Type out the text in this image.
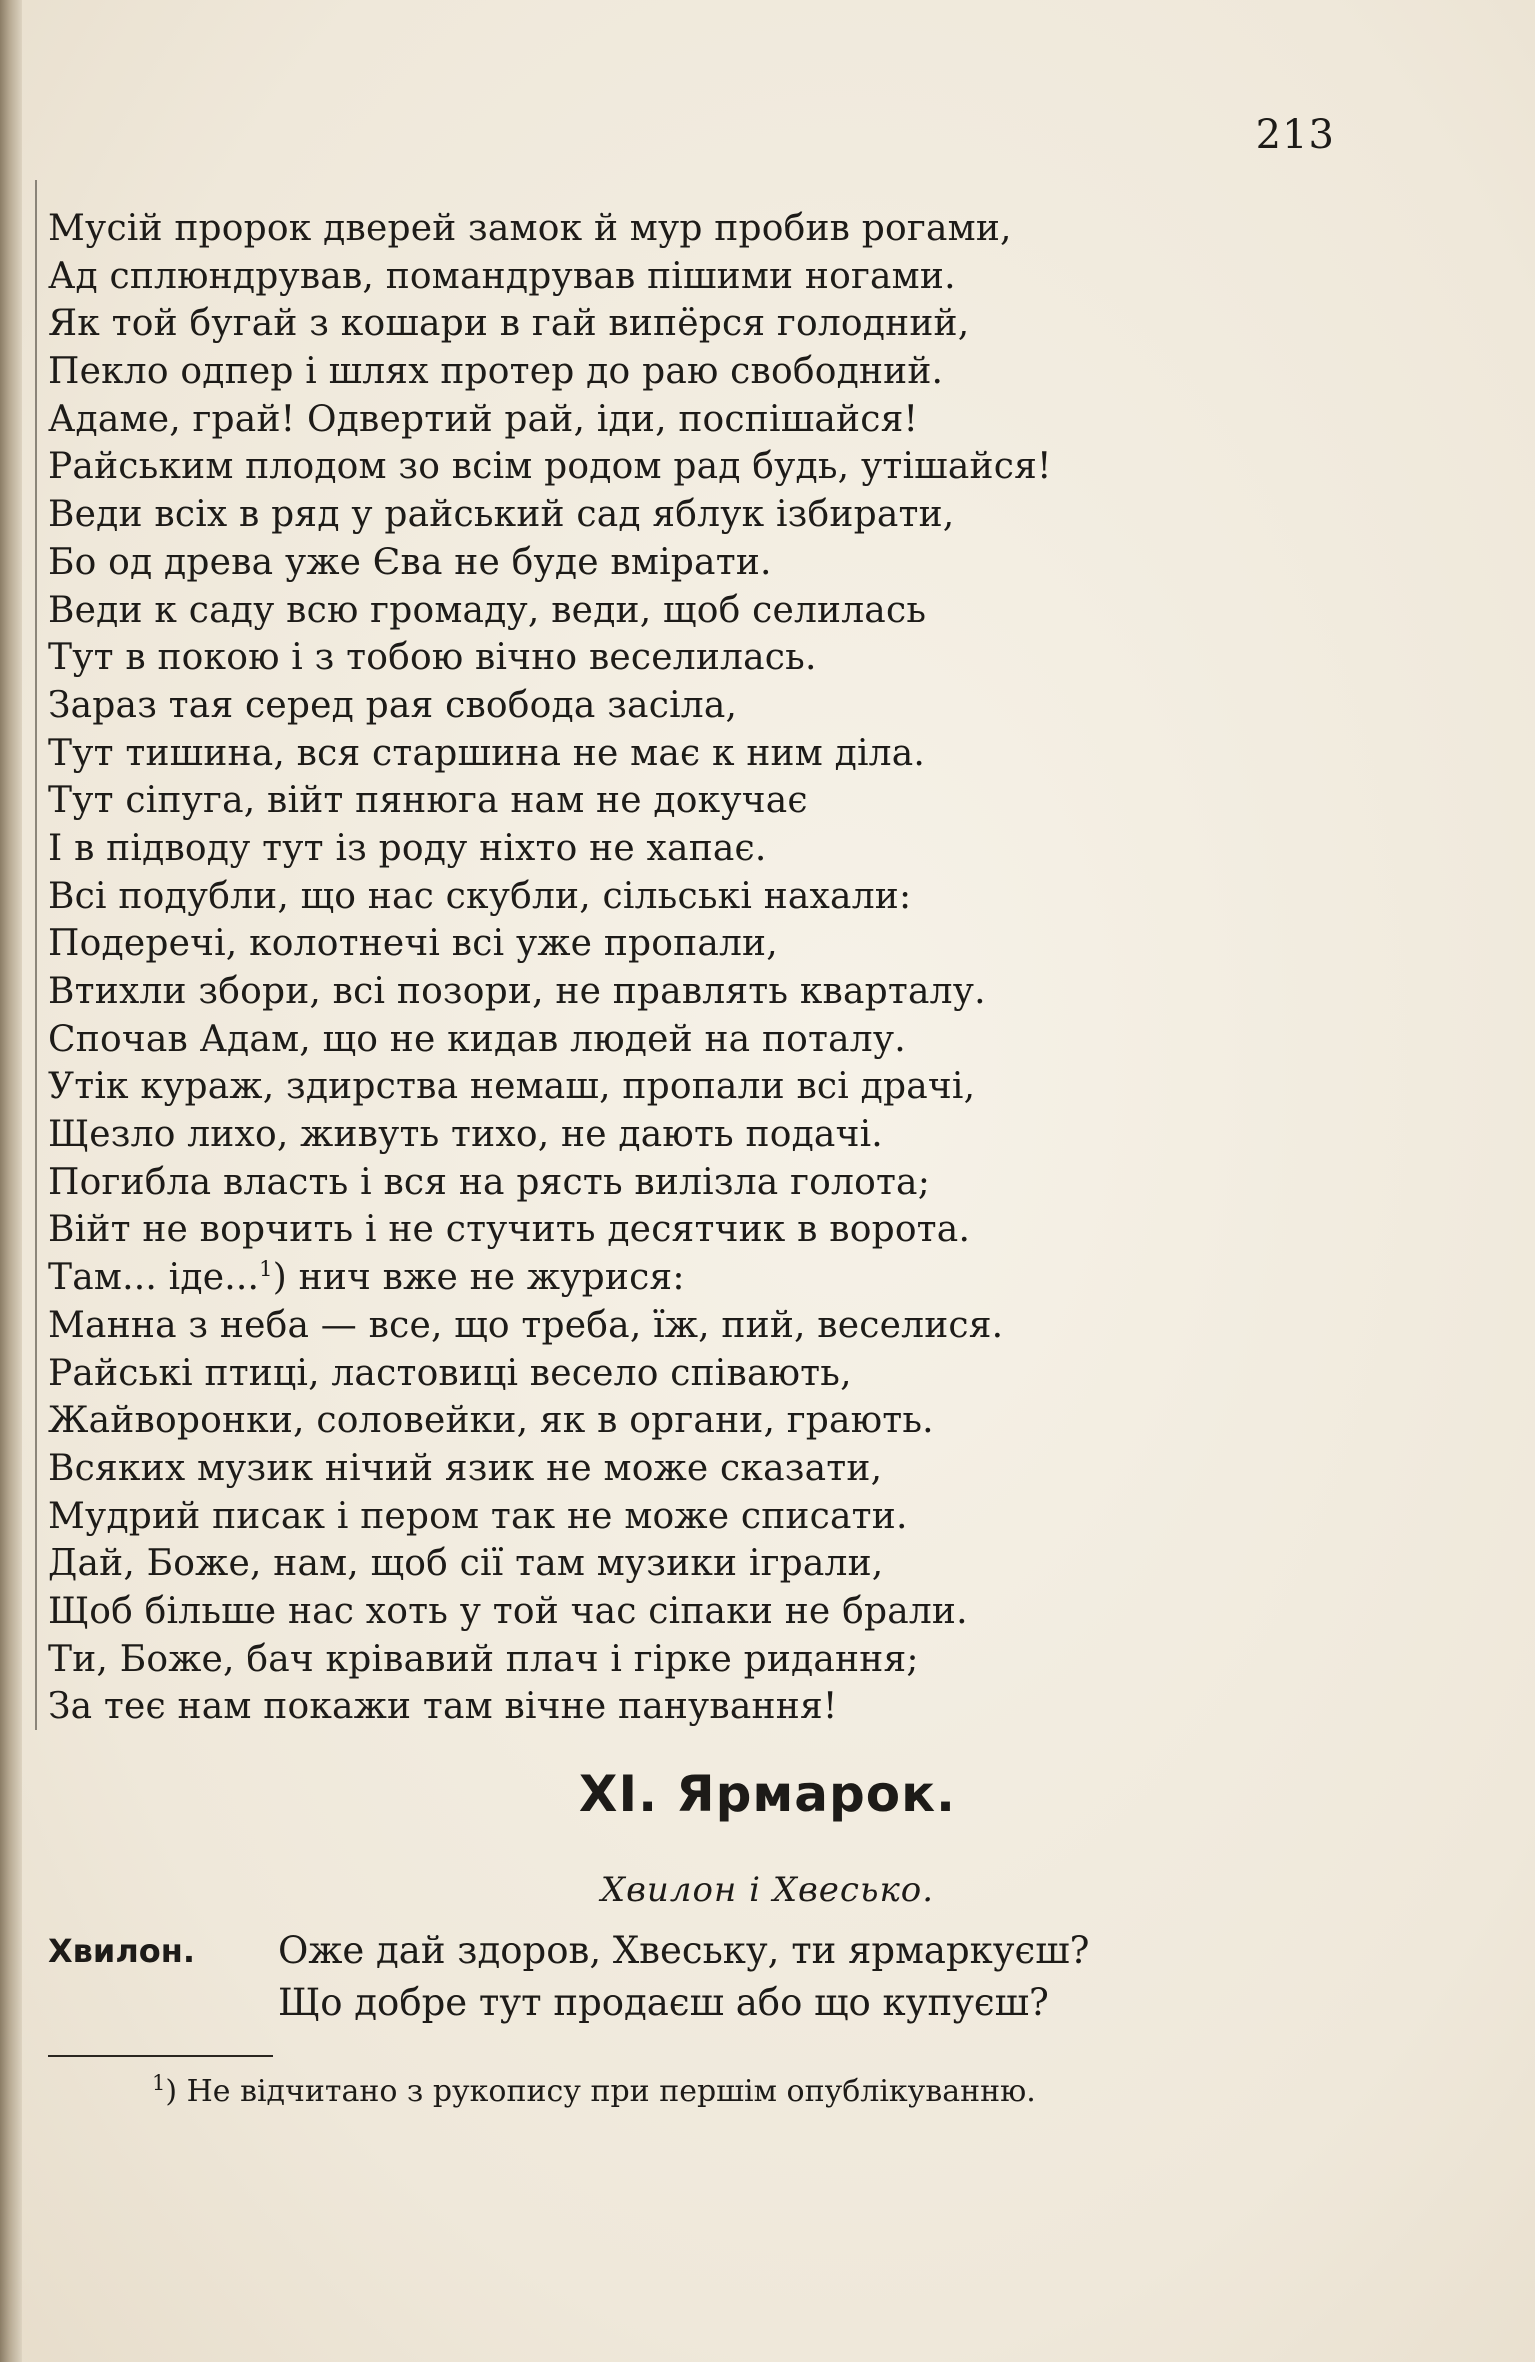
213
Мусій пророк дверей замок й мур пробив рогами,
Ад сплюндрував, помандрував пішими ногами.
Як той бугай з кошари в гай випёрся голодний,
Пекло одпер і шлях протер до раю свободний.
Адаме, грай! Одвертий рай, іди, поспішайся!
Райським плодом зо всім родом рад будь, утішайся!
Веди всіх в ряд у райський сад яблук ізбирати,
Бо од древа уже Єва не буде вмірати.
Веди к саду всю громаду, веди, щоб селилась
Тут в покою і з тобою вічно веселилась.
Зараз тая серед рая свобода засіла,
Тут тишина, вся старшина не має к ним діла.
Тут сіпуга, війт пянюга нам не докучає
І в підводу тут із роду ніхто не хапає.
Всі подубли, що нас скубли, сільські нахали:
Подеречі, колотнечі всі уже пропали,
Втихли збори, всі позори, не правлять кварталу.
Спочав Адам, що не кидав людей на поталу.
Утік кураж, здирства немаш, пропали всі драчі,
Щезло лихо, живуть тихо, не дають подачі.
Погибла власть і вся на рясть вилізла голота;
Війт не ворчить і не стучить десятчик в ворота.
Там... іде...$^1$) нич вже не журися:
Манна з неба — все, що треба, їж, пий, веселися.
Райські птиці, ластовиці весело співають,
Жайворонки, соловейки, як в органи, грають.
Всяких музик нічий язик не може сказати,
Мудрий писак і пером так не може списати.
Дай, Боже, нам, щоб сії там музики іграли,
Щоб більше нас хоть у той час сіпаки не брали.
Ти, Боже, бач крівавий плач і гірке ридання;
За теє нам покажи там вічне панування!
XI. Ярмарок.
Хвилон і Хвесько.
Хвилон. Оже дай здоров, Хвеську, ти ярмаркуєш?
Що добре тут продаєш або що купуєш?
$^1$) Не відчитано з рукопису при першім опублікуванню.
